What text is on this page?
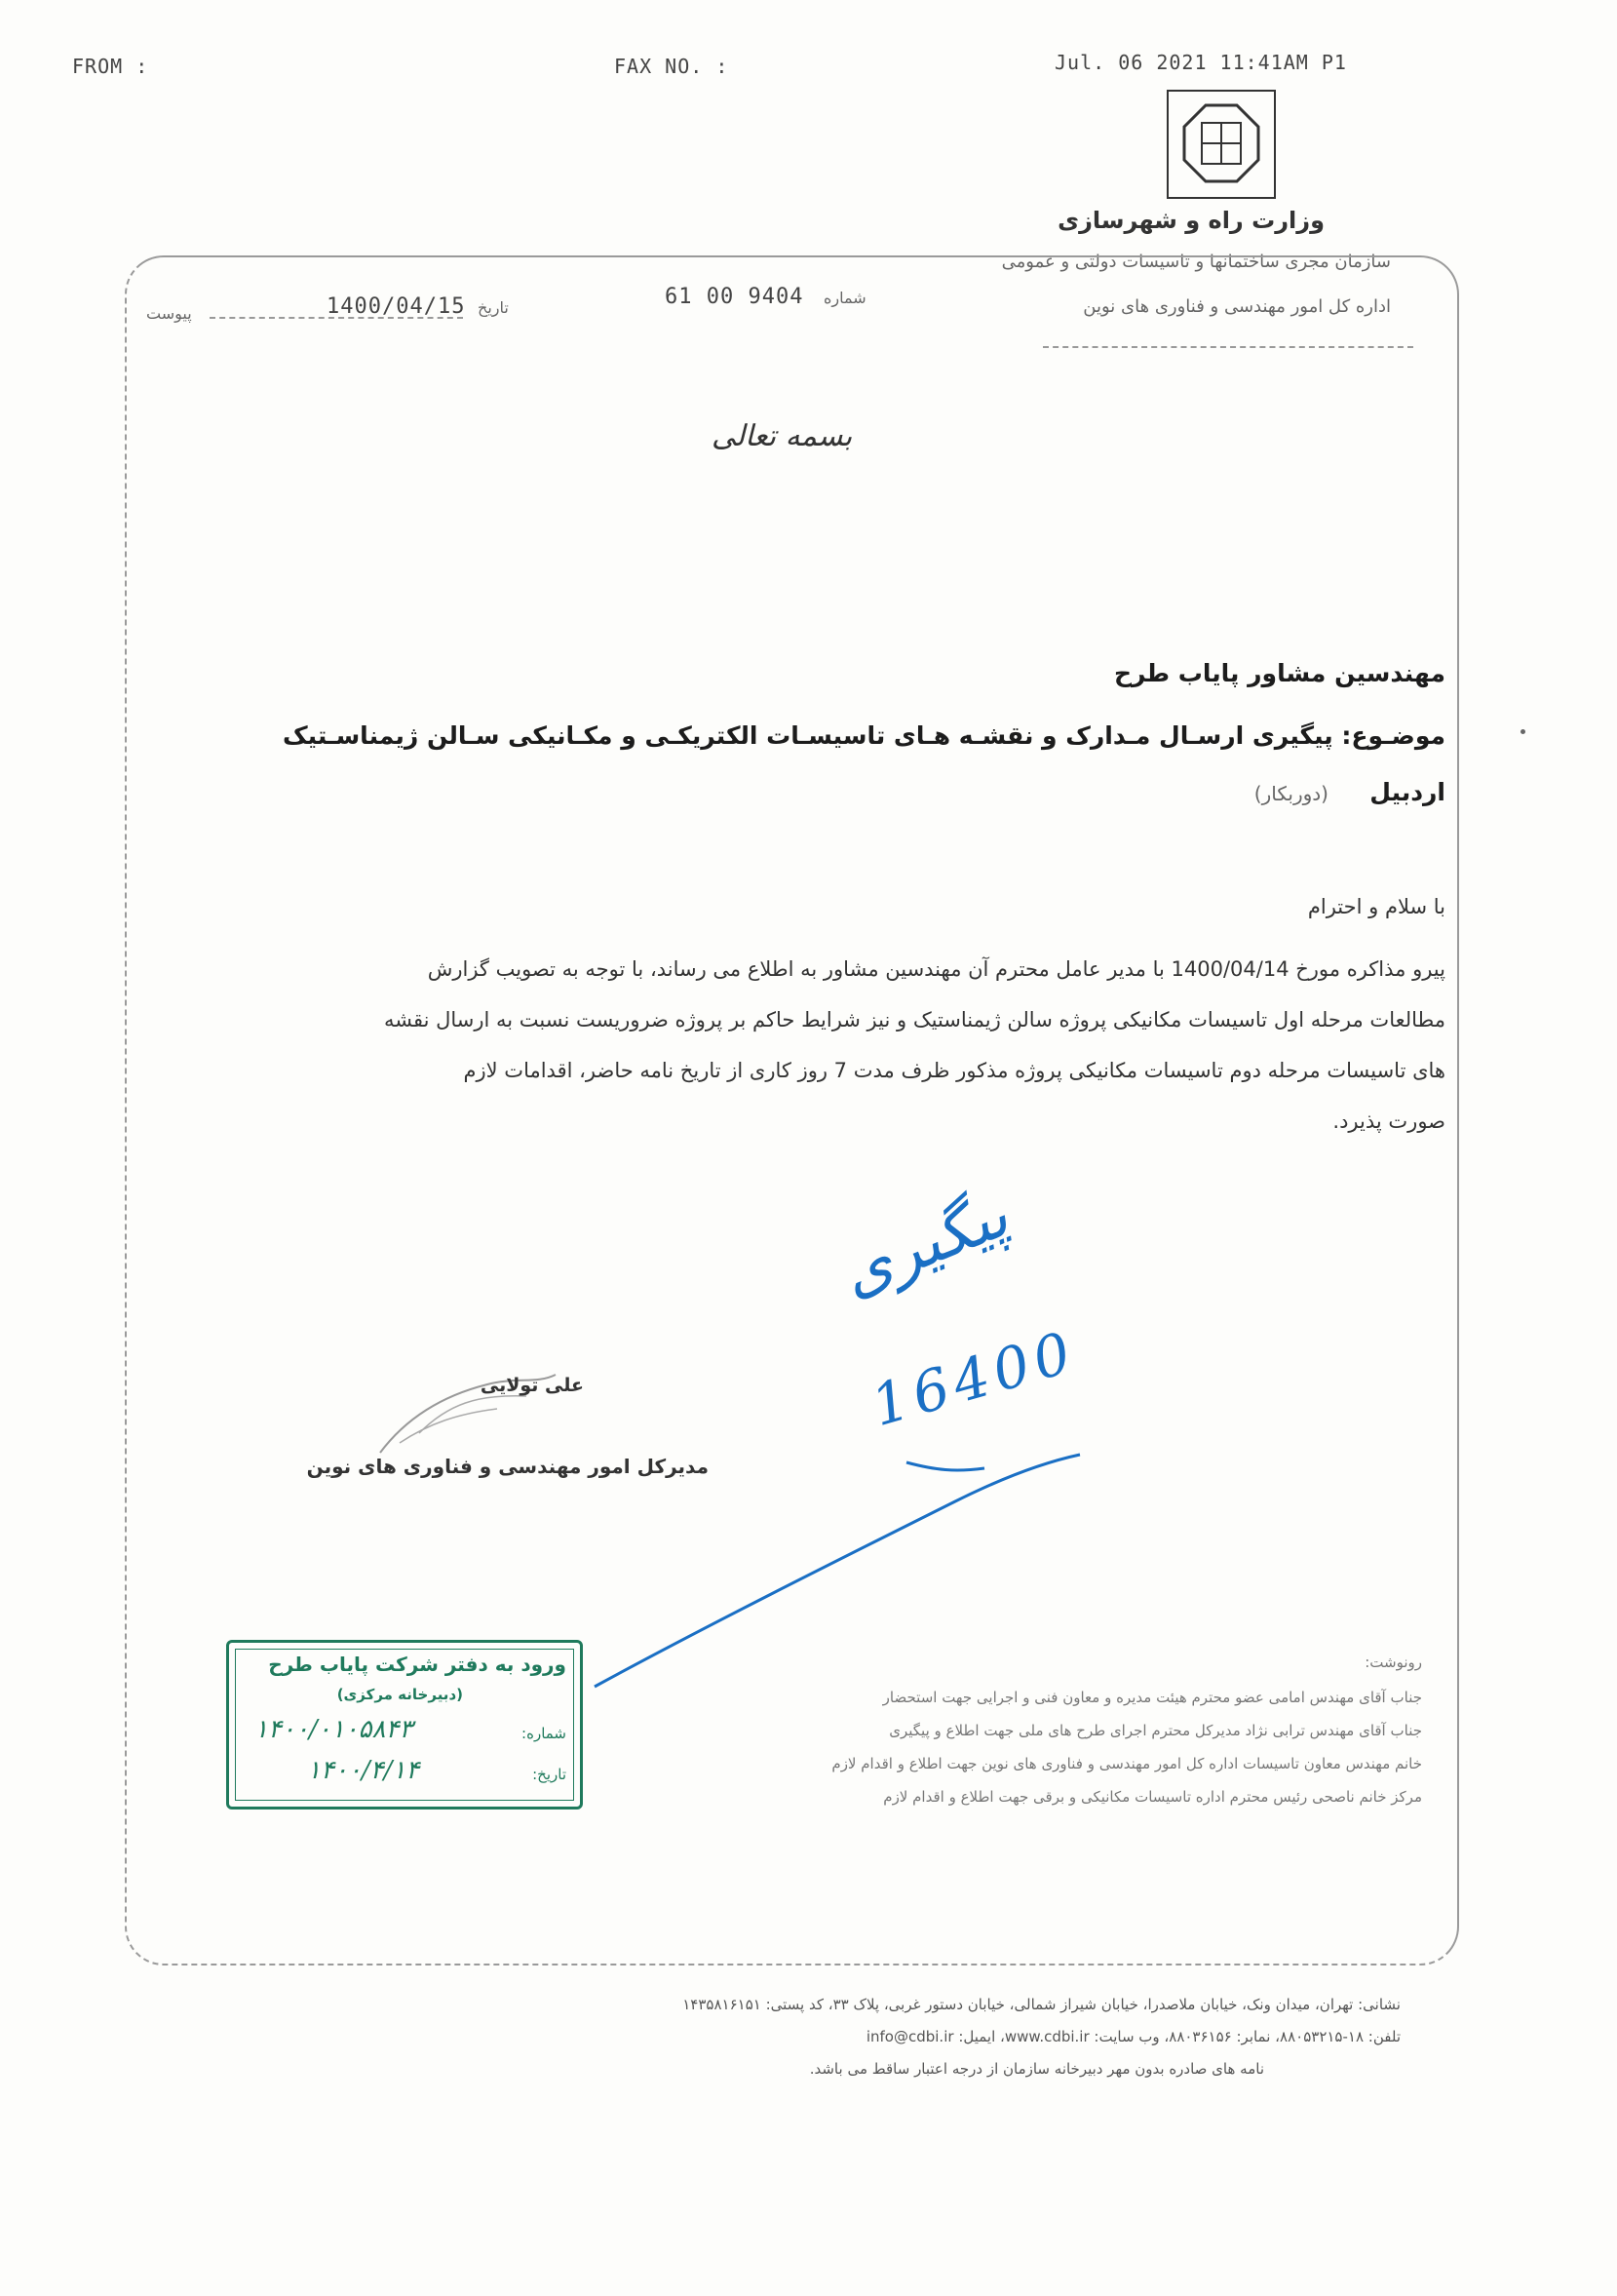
FROM :	FAX NO. :	Jul. 06 2021 11:41AM P1
وزارت راه و شهرسازی
سازمان مجری ساختمانها و تاسیسات دولتی و عمومی
اداره کل امور مهندسی و فناوری های نوین
پیوست	1400/04/15 تاریخ	61 00 9404 شماره
بسمه تعالی
مهندسین مشاور پایاب طرح
موضـوع: پیگیری ارسـال مـدارک و نقشـه هـای تاسیسـات الکتریکـی و مکـانیکی سـالن ژیمناسـتیک
اردبیل
(دوربکار)
با سلام و احترام
پیرو مذاکره مورخ 1400/04/14 با مدیر عامل محترم آن مهندسین مشاور به اطلاع می رساند، با توجه به تصویب گزارش
مطالعات مرحله اول تاسیسات مکانیکی پروژه سالن ژیمناستیک و نیز شرایط حاکم بر پروژه ضروریست نسبت به ارسال نقشه
های تاسیسات مرحله دوم تاسیسات مکانیکی پروژه مذکور ظرف مدت 7 روز کاری از تاریخ نامه حاضر، اقدامات لازم
صورت پذیرد.
پیگیری
16400
علی تولایی
مدیرکل امور مهندسی و فناوری های نوین
ورود به دفتر شرکت پایاب طرح
(دبیرخانه مرکزی)
شماره:
۱۴۰۰/۰۱۰۵۸۴۳
تاریخ:
۱۴۰۰/۴/۱۴
رونوشت:
جناب آقای مهندس امامی عضو محترم هیئت مدیره و معاون فنی و اجرایی جهت استحضار
جناب آقای مهندس ترابی نژاد مدیرکل محترم اجرای طرح های ملی جهت اطلاع و پیگیری
خانم مهندس معاون تاسیسات اداره کل امور مهندسی و فناوری های نوین جهت اطلاع و اقدام لازم
مرکز خانم ناصحی رئیس محترم اداره تاسیسات مکانیکی و برقی جهت اطلاع و اقدام لازم
نشانی: تهران، میدان ونک، خیابان ملاصدرا، خیابان شیراز شمالی، خیابان دستور غربی، پلاک ۳۳، کد پستی: ۱۴۳۵۸۱۶۱۵۱
تلفن: ۱۸-۸۸۰۵۳۲۱۵، نمابر: ۸۸۰۳۶۱۵۶، وب سایت: www.cdbi.ir، ایمیل: info@cdbi.ir
نامه های صادره بدون مهر دبیرخانه سازمان از درجه اعتبار ساقط می باشد.
